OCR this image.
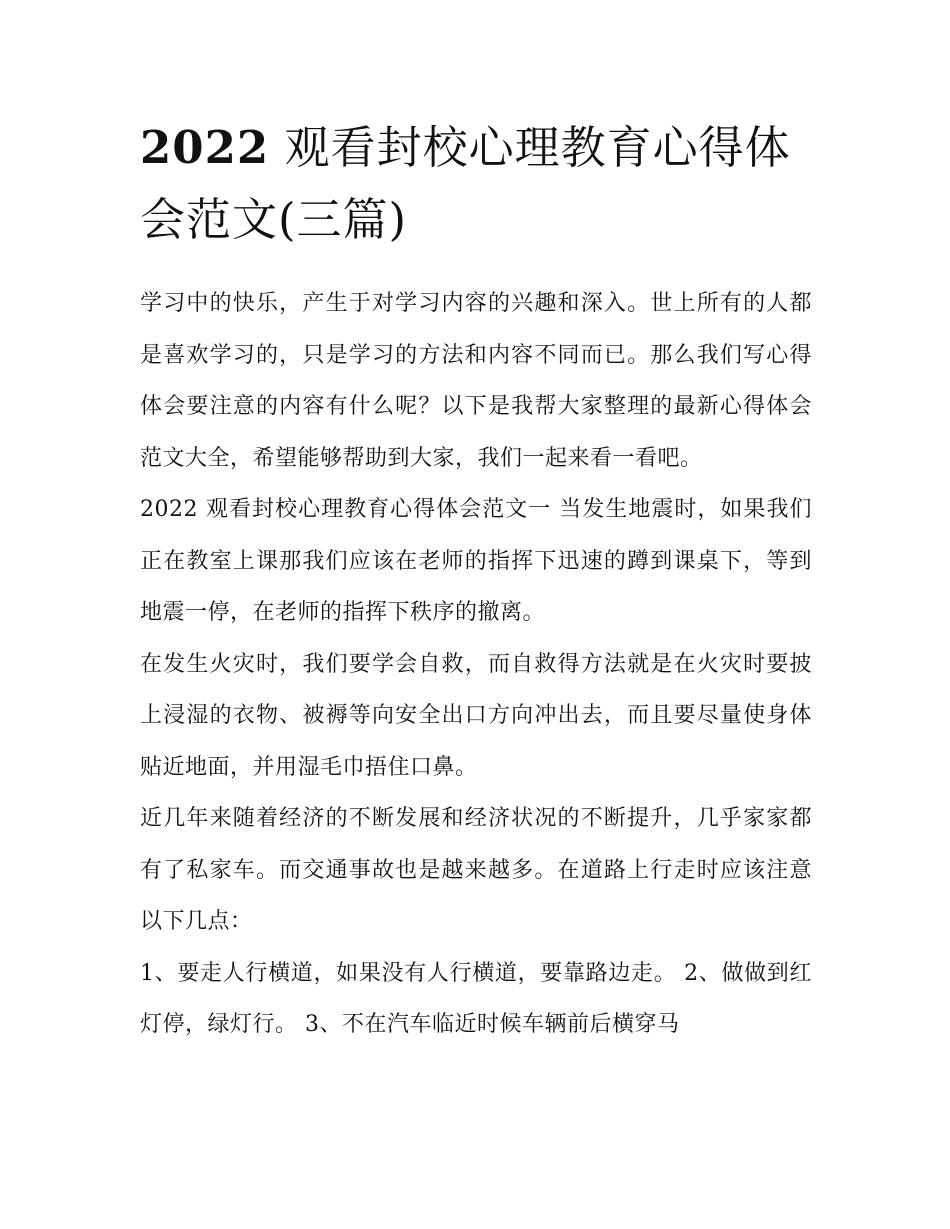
2022 观看封校心理教育心得体会范文(三篇)

学习中的快乐，产生于对学习内容的兴趣和深入。世上所有的人都是喜欢学习的，只是学习的方法和内容不同而已。那么我们写心得体会要注意的内容有什么呢？以下是我帮大家整理的最新心得体会范文大全，希望能够帮助到大家，我们一起来看一看吧。

2022 观看封校心理教育心得体会范文一 当发生地震时，如果我们正在教室上课那我们应该在老师的指挥下迅速的蹲到课桌下，等到地震一停，在老师的指挥下秩序的撤离。

在发生火灾时，我们要学会自救，而自救得方法就是在火灾时要披上浸湿的衣物、被褥等向安全出口方向冲出去，而且要尽量使身体贴近地面，并用湿毛巾捂住口鼻。

近几年来随着经济的不断发展和经济状况的不断提升，几乎家家都有了私家车。而交通事故也是越来越多。在道路上行走时应该注意以下几点：

1、要走人行横道，如果没有人行横道，要靠路边走。 2、做做到红灯停，绿灯行。 3、不在汽车临近时候车辆前后横穿马
